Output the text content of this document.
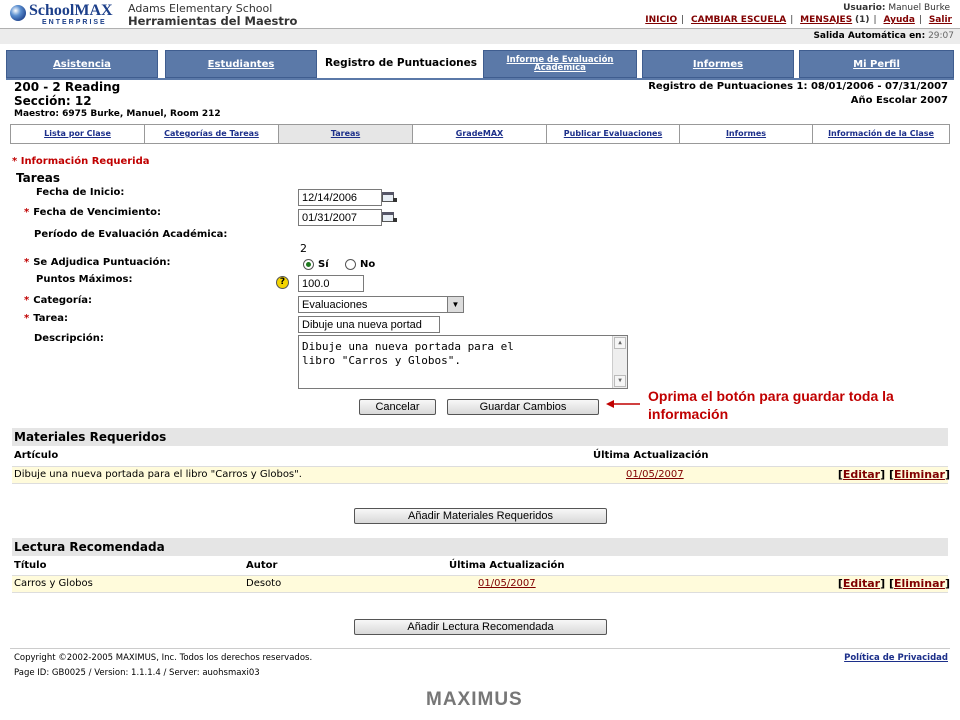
SchoolMAX
ENTERPRISE
Adams Elementary School
Herramientas del Maestro
Usuario: Manuel Burke
INICIO | CAMBIAR ESCUELA | MENSAJES (1) | Ayuda | Salir
Salida Automática en: 29:07
Asistencia	Estudiantes	Registro de Puntuaciones	Informe de Evaluación Académica	Informes	Mi Perfil
200 - 2 Reading
Sección: 12
Maestro: 6975 Burke, Manuel, Room 212
Registro de Puntuaciones 1: 08/01/2006 - 07/31/2007
Año Escolar 2007
Lista por Clase	Categorías de Tareas	Tareas	GradeMAX	Publicar Evaluaciones	Informes	Información de la Clase
* Información Requerida
Tareas
Fecha de Inicio:	12/14/2006
* Fecha de Vencimiento:	01/31/2007
Período de Evaluación Académica:
2
* Se Adjudica Puntuación:	Sí	No
Puntos Máximos:	?	100.0
* Categoría:	Evaluaciones	▼
* Tarea:
Dibuje una nueva portad
Descripción:
Dibuje una nueva portada para el
libro "Carros y Globos".
▲
▼
Cancelar	Guardar Cambios
Oprima el botón para guardar toda la información
Materiales Requeridos
Artículo	Última Actualización
Dibuje una nueva portada para el libro "Carros y Globos".	01/05/2007	[Editar] [Eliminar]
Añadir Materiales Requeridos
Lectura Recomendada
Título	Autor	Última Actualización
Carros y Globos	Desoto	01/05/2007	[Editar] [Eliminar]
Añadir Lectura Recomendada
Copyright ©2002-2005 MAXIMUS, Inc. Todos los derechos reservados.
Page ID: GB0025 / Version: 1.1.1.4 / Server: auohsmaxi03
Política de Privacidad
MAXIMUS
